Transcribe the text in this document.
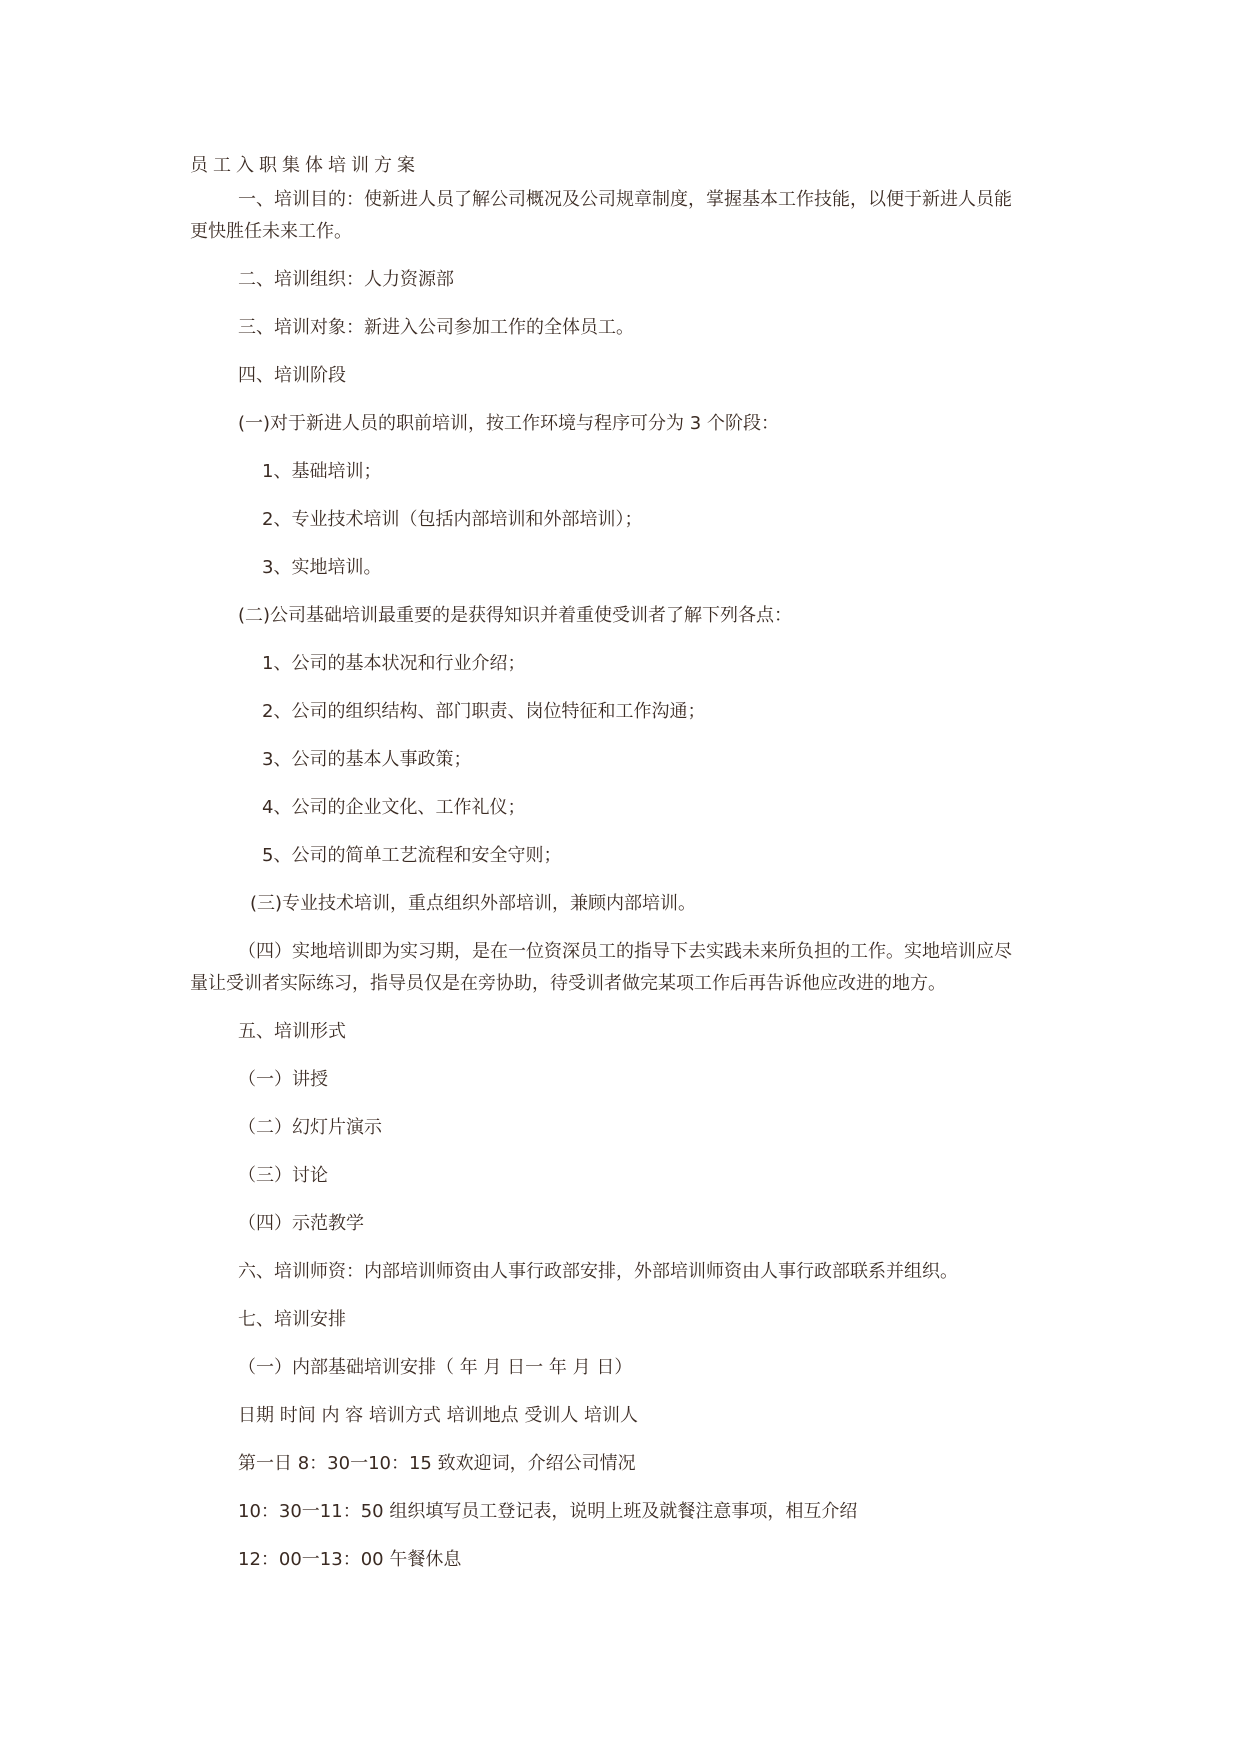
员工入职集体培训方案
一、培训目的：使新进人员了解公司概况及公司规章制度，掌握基本工作技能，以便于新进人员能
更快胜任未来工作。
二、培训组织：人力资源部
三、培训对象：新进入公司参加工作的全体员工。
四、培训阶段
(一)对于新进人员的职前培训，按工作环境与程序可分为 3 个阶段：
1、基础培训；
2、专业技术培训（包括内部培训和外部培训）；
3、实地培训。
(二)公司基础培训最重要的是获得知识并着重使受训者了解下列各点：
1、公司的基本状况和行业介绍；
2、公司的组织结构、部门职责、岗位特征和工作沟通；
3、公司的基本人事政策；
4、公司的企业文化、工作礼仪；
5、公司的简单工艺流程和安全守则；
(三)专业技术培训，重点组织外部培训，兼顾内部培训。
（四）实地培训即为实习期，是在一位资深员工的指导下去实践未来所负担的工作。实地培训应尽
量让受训者实际练习，指导员仅是在旁协助，待受训者做完某项工作后再告诉他应改进的地方。
五、培训形式
（一）讲授
（二）幻灯片演示
（三）讨论
（四）示范教学
六、培训师资：内部培训师资由人事行政部安排，外部培训师资由人事行政部联系并组织。
七、培训安排
（一）内部基础培训安排（ 年 月 日一 年 月 日）
日期 时间 内 容 培训方式 培训地点 受训人 培训人
第一日 8：30一10：15 致欢迎词，介绍公司情况
10：30一11：50 组织填写员工登记表，说明上班及就餐注意事项，相互介绍
12：00一13：00 午餐休息
